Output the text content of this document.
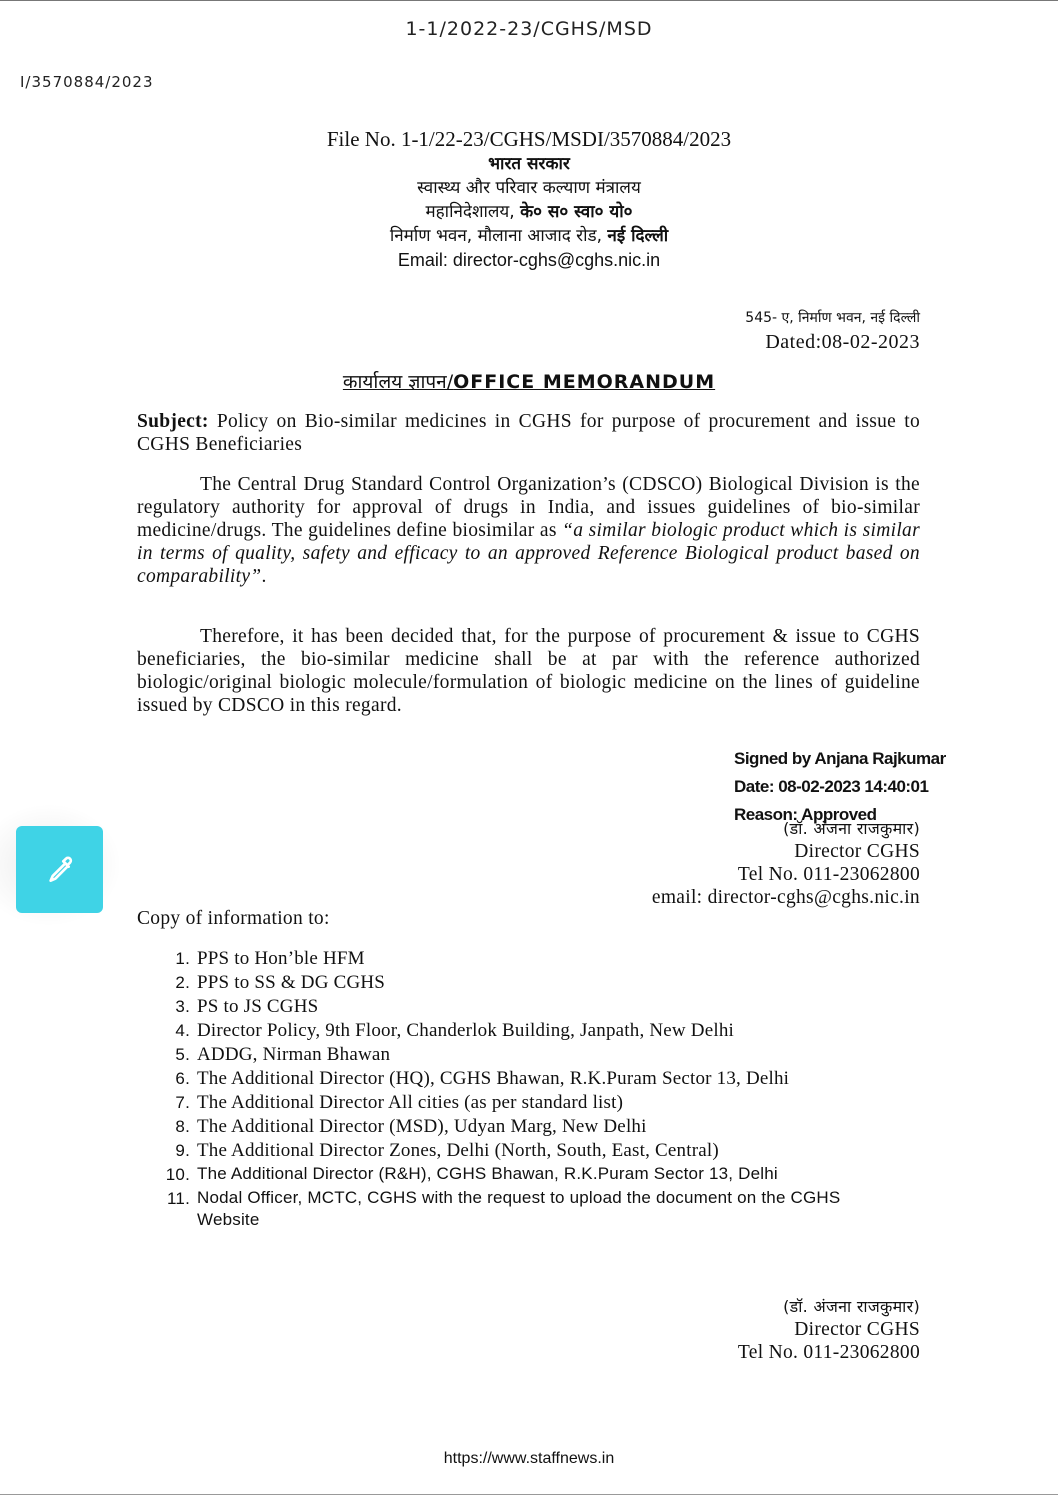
1-1/2022-23/CGHS/MSD
I/3570884/2023
File No. 1-1/22-23/CGHS/MSDI/3570884/2023
भारत सरकार
स्वास्थ्य और परिवार कल्याण मंत्रालय
महानिदेशालय, के० स० स्वा० यो०
निर्माण भवन, मौलाना आजाद रोड, नई दिल्ली
Email: director-cghs@cghs.nic.in
545- ए, निर्माण भवन, नई दिल्ली
Dated:08-02-2023
कार्यालय ज्ञापन/OFFICE MEMORANDUM
Subject: Policy on Bio-similar medicines in CGHS for purpose of procurement and issue to CGHS Beneficiaries
The Central Drug Standard Control Organization’s (CDSCO) Biological Division is the regulatory authority for approval of drugs in India, and issues guidelines of bio-similar medicine/drugs. The guidelines define biosimilar as “a similar biologic product which is similar in terms of quality, safety and efficacy to an approved Reference Biological product based on comparability”.
Therefore, it has been decided that, for the purpose of procurement & issue to CGHS beneficiaries, the bio-similar medicine shall be at par with the reference authorized biologic/original biologic molecule/formulation of biologic medicine on the lines of guideline issued by CDSCO in this regard.
Signed by Anjana Rajkumar
Date: 08-02-2023 14:40:01
Reason: Approved
(डॉ. अंजना राजकुमार)
Director CGHS
Tel No. 011-23062800
email: director-cghs@cghs.nic.in
Copy of information to:
1. PPS to Hon’ble HFM
2. PPS to SS & DG CGHS
3. PS to JS CGHS
4. Director Policy, 9th Floor, Chanderlok Building, Janpath, New Delhi
5. ADDG, Nirman Bhawan
6. The Additional Director (HQ), CGHS Bhawan, R.K.Puram Sector 13, Delhi
7. The Additional Director All cities (as per standard list)
8. The Additional Director (MSD), Udyan Marg, New Delhi
9. The Additional Director Zones, Delhi (North, South, East, Central)
10. The Additional Director (R&H), CGHS Bhawan, R.K.Puram Sector 13, Delhi
11. Nodal Officer, MCTC, CGHS with the request to upload the document on the CGHS Website
(डॉ. अंजना राजकुमार)
Director CGHS
Tel No. 011-23062800
https://www.staffnews.in
